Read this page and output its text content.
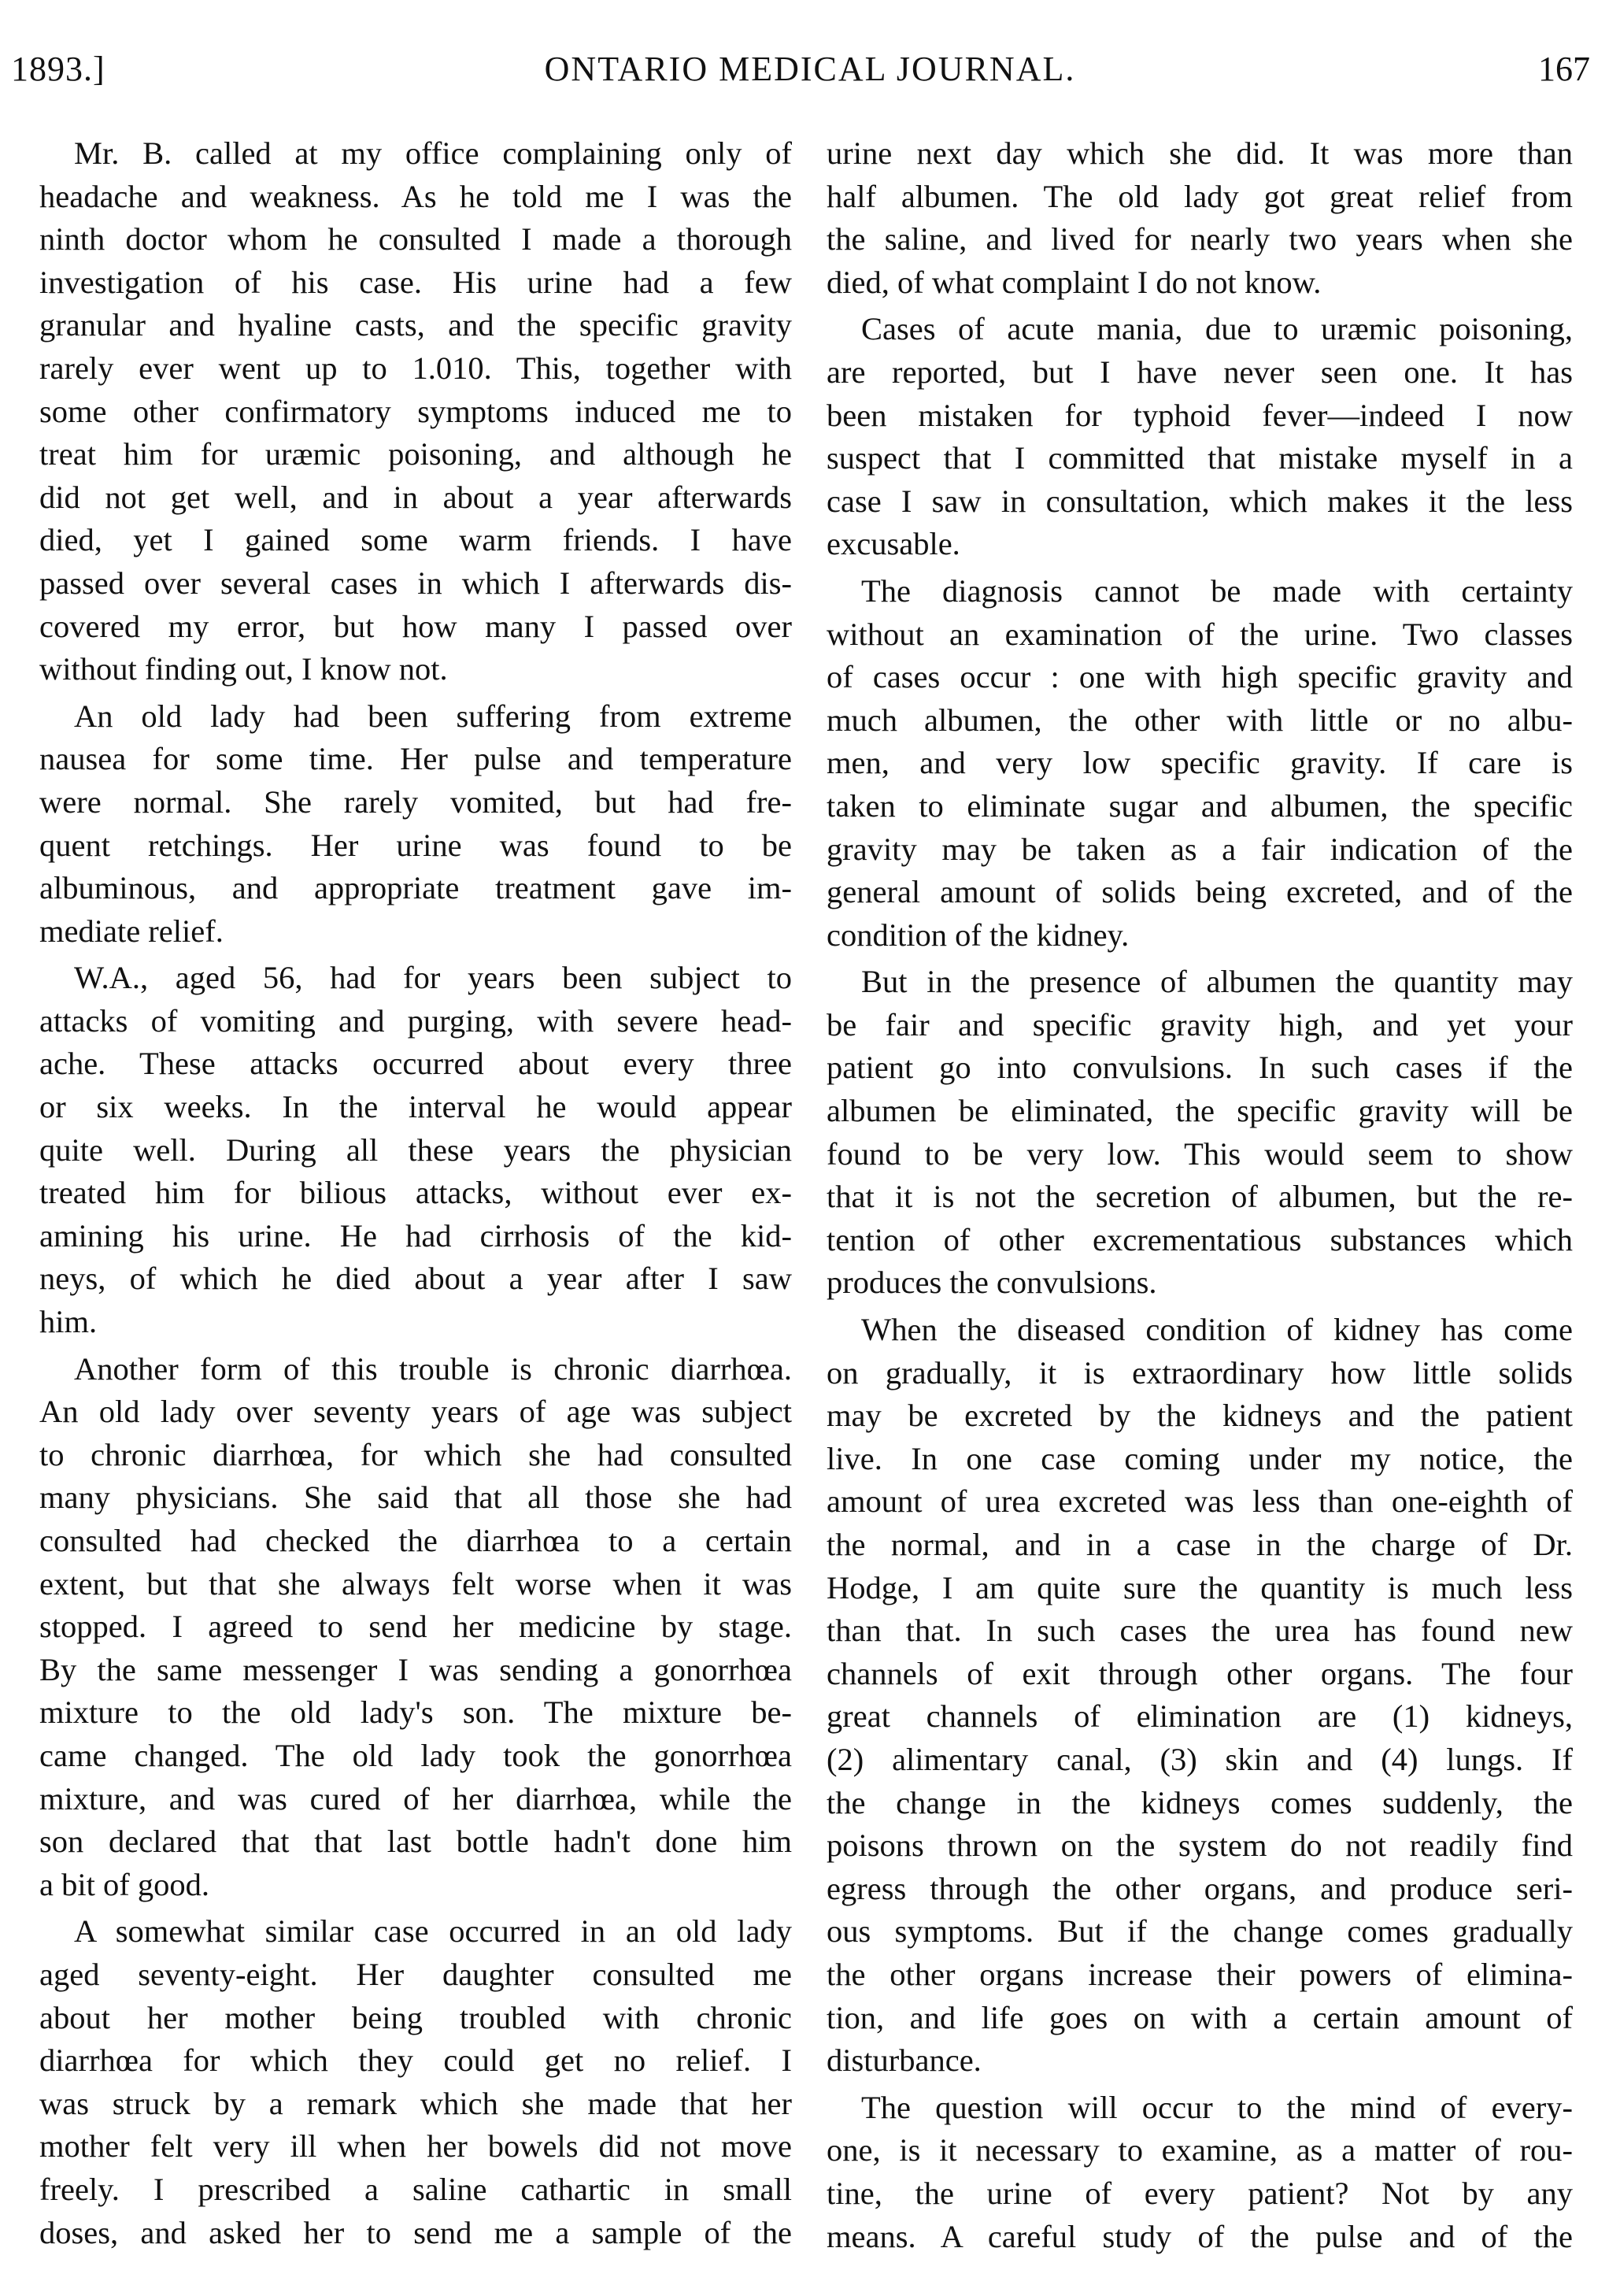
1893.]	ONTARIO MEDICAL JOURNAL.	167
Mr. B. called at my office complaining only of
headache and weakness. As he told me I was the
ninth doctor whom he consulted I made a thorough
investigation of his case. His urine had a few
granular and hyaline casts, and the specific gravity
rarely ever went up to 1.010. This, together with
some other confirmatory symptoms induced me to
treat him for uræmic poisoning, and although he
did not get well, and in about a year afterwards
died, yet I gained some warm friends. I have
passed over several cases in which I afterwards dis-
covered my error, but how many I passed over
without finding out, I know not.
An old lady had been suffering from extreme
nausea for some time. Her pulse and temperature
were normal. She rarely vomited, but had fre-
quent retchings. Her urine was found to be
albuminous, and appropriate treatment gave im-
mediate relief.
W.A., aged 56, had for years been subject to
attacks of vomiting and purging, with severe head-
ache. These attacks occurred about every three
or six weeks. In the interval he would appear
quite well. During all these years the physician
treated him for bilious attacks, without ever ex-
amining his urine. He had cirrhosis of the kid-
neys, of which he died about a year after I saw
him.
Another form of this trouble is chronic diarrhœa.
An old lady over seventy years of age was subject
to chronic diarrhœa, for which she had consulted
many physicians. She said that all those she had
consulted had checked the diarrhœa to a certain
extent, but that she always felt worse when it was
stopped. I agreed to send her medicine by stage.
By the same messenger I was sending a gonorrhœa
mixture to the old lady's son. The mixture be-
came changed. The old lady took the gonorrhœa
mixture, and was cured of her diarrhœa, while the
son declared that that last bottle hadn't done him
a bit of good.
A somewhat similar case occurred in an old lady
aged seventy-eight. Her daughter consulted me
about her mother being troubled with chronic
diarrhœa for which they could get no relief. I
was struck by a remark which she made that her
mother felt very ill when her bowels did not move
freely. I prescribed a saline cathartic in small
doses, and asked her to send me a sample of the
urine next day which she did. It was more than
half albumen. The old lady got great relief from
the saline, and lived for nearly two years when she
died, of what complaint I do not know.
Cases of acute mania, due to uræmic poisoning,
are reported, but I have never seen one. It has
been mistaken for typhoid fever—indeed I now
suspect that I committed that mistake myself in a
case I saw in consultation, which makes it the less
excusable.
The diagnosis cannot be made with certainty
without an examination of the urine. Two classes
of cases occur : one with high specific gravity and
much albumen, the other with little or no albu-
men, and very low specific gravity. If care is
taken to eliminate sugar and albumen, the specific
gravity may be taken as a fair indication of the
general amount of solids being excreted, and of the
condition of the kidney.
But in the presence of albumen the quantity may
be fair and specific gravity high, and yet your
patient go into convulsions. In such cases if the
albumen be eliminated, the specific gravity will be
found to be very low. This would seem to show
that it is not the secretion of albumen, but the re-
tention of other excrementatious substances which
produces the convulsions.
When the diseased condition of kidney has come
on gradually, it is extraordinary how little solids
may be excreted by the kidneys and the patient
live. In one case coming under my notice, the
amount of urea excreted was less than one-eighth of
the normal, and in a case in the charge of Dr.
Hodge, I am quite sure the quantity is much less
than that. In such cases the urea has found new
channels of exit through other organs. The four
great channels of elimination are (1) kidneys,
(2) alimentary canal, (3) skin and (4) lungs. If
the change in the kidneys comes suddenly, the
poisons thrown on the system do not readily find
egress through the other organs, and produce seri-
ous symptoms. But if the change comes gradually
the other organs increase their powers of elimina-
tion, and life goes on with a certain amount of
disturbance.
The question will occur to the mind of every-
one, is it necessary to examine, as a matter of rou-
tine, the urine of every patient? Not by any
means. A careful study of the pulse and of the
